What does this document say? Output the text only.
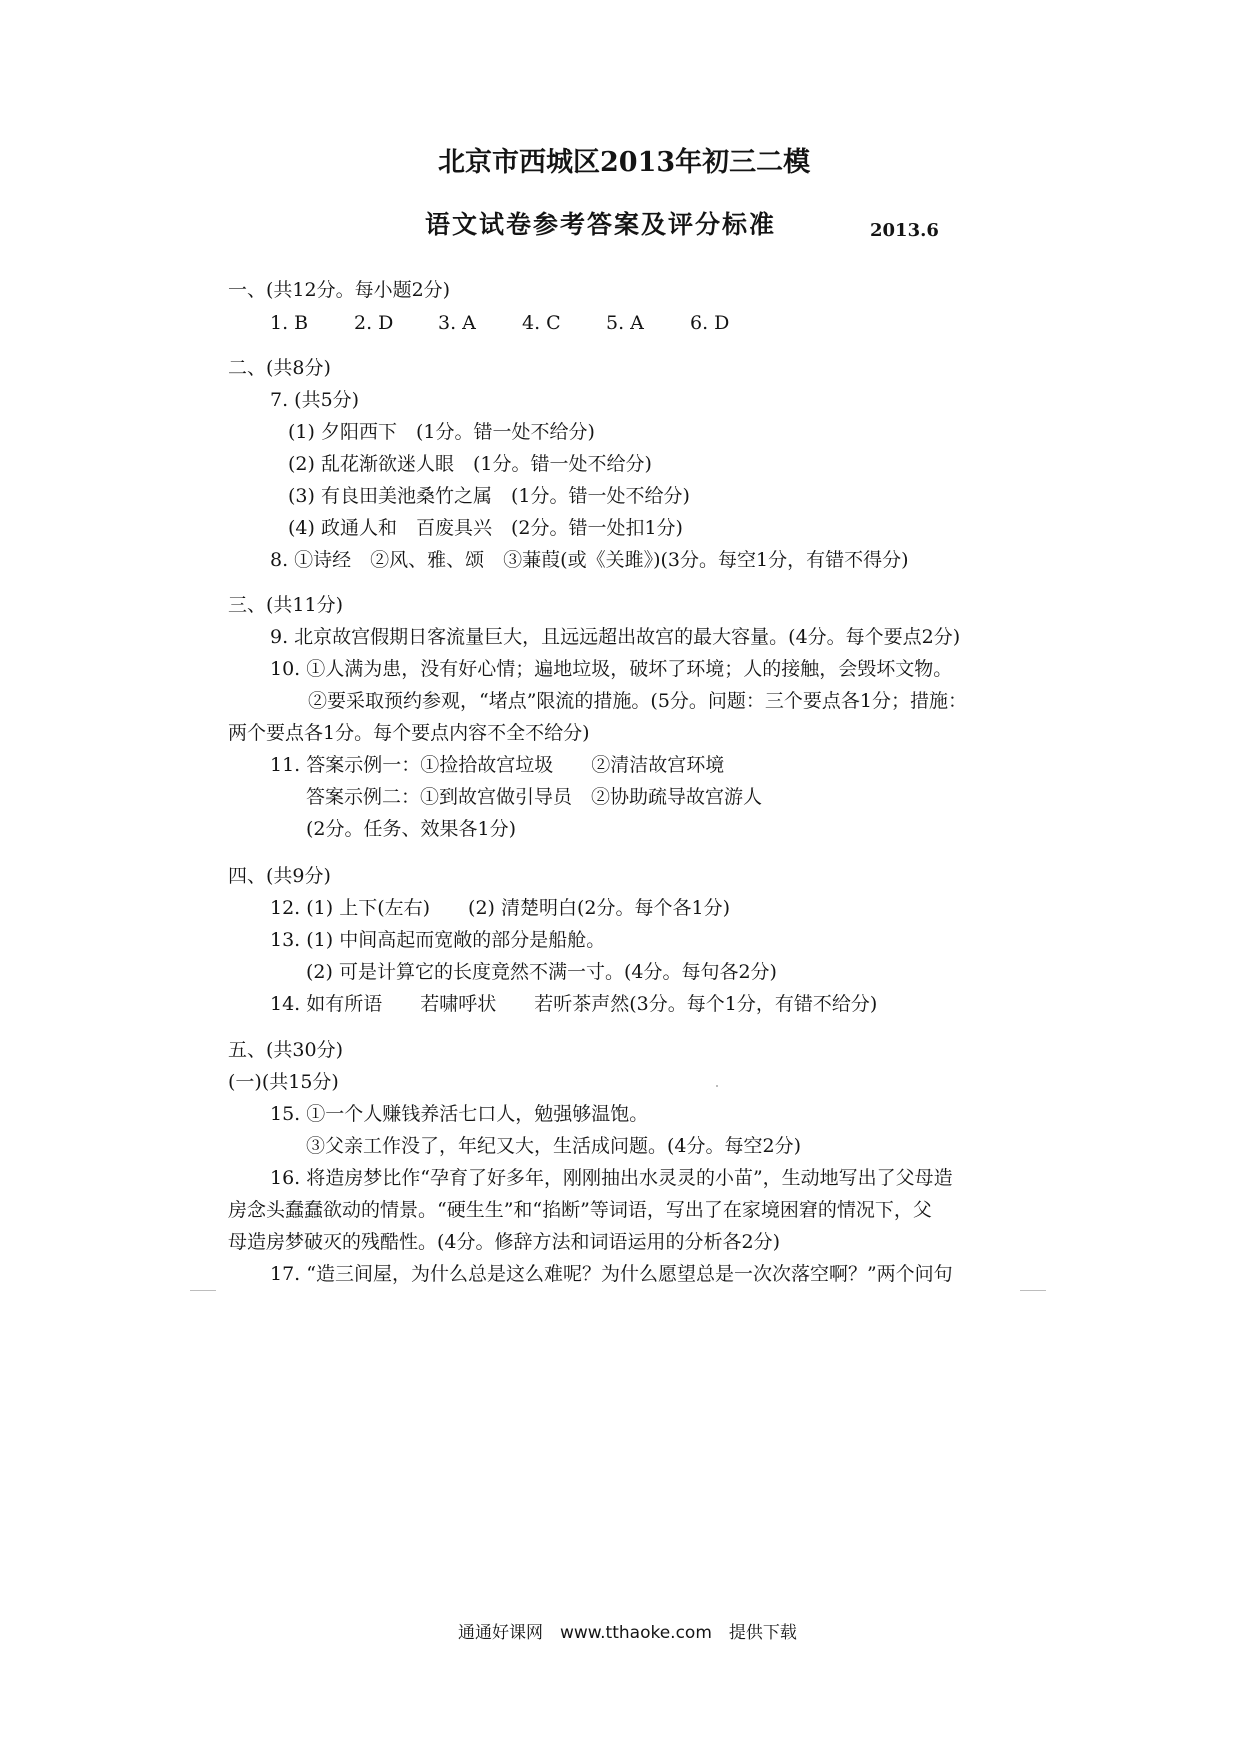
北京市西城区2013年初三二模
语文试卷参考答案及评分标准	2013.6
一、(共12分。每小题2分)
1. B 2. D 3. A 4. C 5. A 6. D
二、(共8分)
7. (共5分)
(1) 夕阳西下　(1分。错一处不给分)
(2) 乱花渐欲迷人眼　(1分。错一处不给分)
(3) 有良田美池桑竹之属　(1分。错一处不给分)
(4) 政通人和　百废具兴　(2分。错一处扣1分)
8. ①诗经　②风、雅、颂　③蒹葭(或《关雎》)(3分。每空1分，有错不得分)
三、(共11分)
9. 北京故宫假期日客流量巨大，且远远超出故宫的最大容量。(4分。每个要点2分)
10. ①人满为患，没有好心情；遍地垃圾，破坏了环境；人的接触，会毁坏文物。
②要采取预约参观，“堵点”限流的措施。(5分。问题：三个要点各1分；措施：
两个要点各1分。每个要点内容不全不给分)
11. 答案示例一：①捡拾故宫垃圾　　②清洁故宫环境
答案示例二：①到故宫做引导员　②协助疏导故宫游人
(2分。任务、效果各1分)
四、(共9分)
12. (1) 上下(左右)　　(2) 清楚明白(2分。每个各1分)
13. (1) 中间高起而宽敞的部分是船舱。
(2) 可是计算它的长度竟然不满一寸。(4分。每句各2分)
14. 如有所语　　若啸呼状　　若听茶声然(3分。每个1分，有错不给分)
五、(共30分)
(一)(共15分)
15. ①一个人赚钱养活七口人，勉强够温饱。
③父亲工作没了，年纪又大，生活成问题。(4分。每空2分)
16. 将造房梦比作“孕育了好多年，刚刚抽出水灵灵的小苗”，生动地写出了父母造
房念头蠢蠢欲动的情景。“硬生生”和“掐断”等词语，写出了在家境困窘的情况下，父
母造房梦破灭的残酷性。(4分。修辞方法和词语运用的分析各2分)
17. “造三间屋，为什么总是这么难呢？为什么愿望总是一次次落空啊？”两个问句
通通好课网　www.tthaoke.com　提供下载
